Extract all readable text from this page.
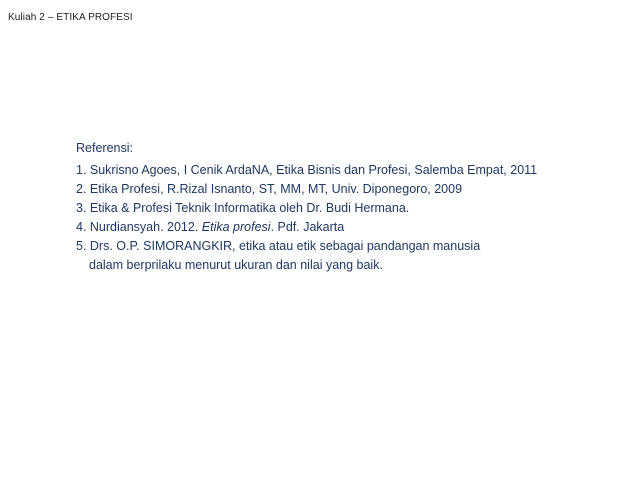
Kuliah 2 – ETIKA PROFESI
Referensi:
1. Sukrisno Agoes, I Cenik ArdaNA, Etika Bisnis dan Profesi, Salemba Empat, 2011
2. Etika Profesi, R.Rizal Isnanto, ST, MM, MT, Univ. Diponegoro, 2009
3. Etika & Profesi Teknik Informatika oleh Dr. Budi Hermana.
4. Nurdiansyah. 2012. Etika profesi. Pdf. Jakarta
5. Drs. O.P. SIMORANGKIR, etika atau etik sebagai pandangan manusia
dalam berprilaku menurut ukuran dan nilai yang baik.
